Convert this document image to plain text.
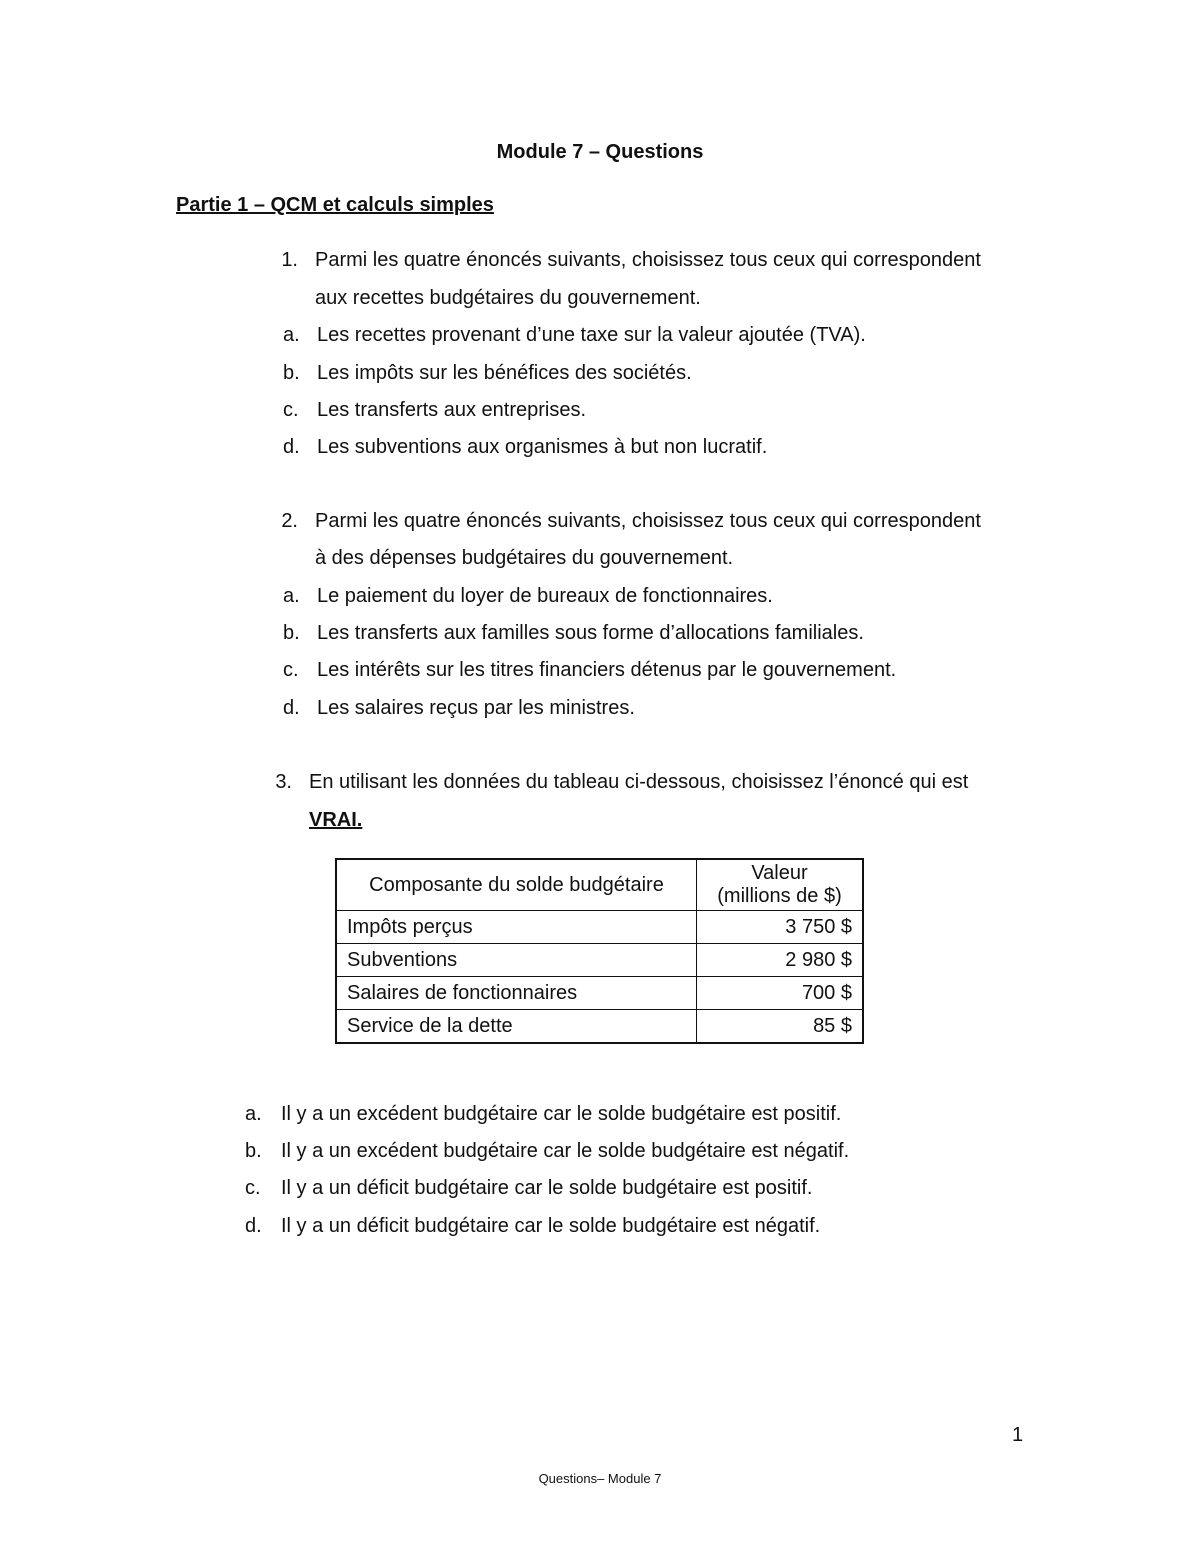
Module 7 – Questions
Partie 1 – QCM et calculs simples
1. Parmi les quatre énoncés suivants, choisissez tous ceux qui correspondent
aux recettes budgétaires du gouvernement.
a. Les recettes provenant d’une taxe sur la valeur ajoutée (TVA).
b. Les impôts sur les bénéfices des sociétés.
c. Les transferts aux entreprises.
d. Les subventions aux organismes à but non lucratif.
2. Parmi les quatre énoncés suivants, choisissez tous ceux qui correspondent
à des dépenses budgétaires du gouvernement.
a. Le paiement du loyer de bureaux de fonctionnaires.
b. Les transferts aux familles sous forme d’allocations familiales.
c. Les intérêts sur les titres financiers détenus par le gouvernement.
d. Les salaires reçus par les ministres.
3. En utilisant les données du tableau ci-dessous, choisissez l’énoncé qui est
VRAI.
Composante du solde budgétaire	Valeur
(millions de $)

Impôts perçus	3 750 $
Subventions	2 980 $
Salaires de fonctionnaires	700 $
Service de la dette	85 $
a. Il y a un excédent budgétaire car le solde budgétaire est positif.
b. Il y a un excédent budgétaire car le solde budgétaire est négatif.
c. Il y a un déficit budgétaire car le solde budgétaire est positif.
d. Il y a un déficit budgétaire car le solde budgétaire est négatif.
1
Questions– Module 7
